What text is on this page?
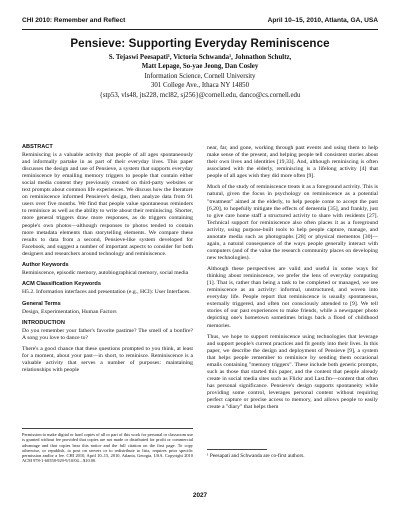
CHI 2010: Remember and Reflect	April 10–15, 2010, Atlanta, GA, USA
Pensieve: Supporting Everyday Reminiscence
S. Tejaswi Peesapati¹, Victoria Schwanda¹, Johnathon Schultz,
Matt Lepage, So-yae Jeong, Dan Cosley
Information Science, Cornell University
301 College Ave., Ithaca NY 14850
{stp53, vls48, jts228, mcl82, sj256}@cornell.edu, danco@cs.cornell.edu
ABSTRACT

Reminiscing is a valuable activity that people of all ages spontaneously and informally partake in as part of their everyday lives. This paper discusses the design and use of Pensieve, a system that supports everyday reminiscence by emailing memory triggers to people that contain either social media content they previously created on third-party websites or text prompts about common life experiences. We discuss how the literature on reminiscence informed Pensieve's design, then analyze data from 91 users over five months. We find that people value spontaneous reminders to reminisce as well as the ability to write about their reminiscing. Shorter, more general triggers draw more responses, as do triggers containing people's own photos—although responses to photos tended to contain more metadata elements than storytelling elements. We compare these results to data from a second, Pensieve-like system developed for Facebook, and suggest a number of important aspects to consider for both designers and researchers around technology and reminiscence.

Author Keywords

Reminiscence, episodic memory, autobiographical memory, social media

ACM Classification Keywords

H5.2. Information interfaces and presentation (e.g., HCI): User Interfaces.

General Terms

Design, Experimentation, Human Factors

INTRODUCTION

Do you remember your father's favorite pastime? The smell of a bonfire? A song you love to dance to?

There's a good chance that these questions prompted to you think, at least for a moment, about your past—in short, to reminisce. Reminiscence is a valuable activity that serves a number of purposes: maintaining relationships with people

Permission to make digital or hard copies of all or part of this work for personal or classroom use is granted without fee provided that copies are not made or distributed for profit or commercial advantage and that copies bear this notice and the full citation on the first page. To copy otherwise, or republish, to post on servers or to redistribute to lists, requires prior specific permission and/or a fee. CHI 2010, April 10–15, 2010, Atlanta, Georgia, USA. Copyright 2010 ACM 978-1-60558-929-9/10/04....$10.00.

near, far, and gone, working through past events and using them to help make sense of the present, and helping people tell consistent stories about their own lives and identities [19,33]. And, although reminiscing is often associated with the elderly, reminiscing is a lifelong activity [4] that people of all ages wish they did more often [9].

Much of the study of reminiscence treats it as a foreground activity. This is natural, given the focus in psychology on reminiscence as a potential "treatment" aimed at the elderly, to help people come to accept the past [6,20], to hopefully mitigate the effects of dementia [35], and frankly, just to give care home staff a structured activity to share with residents [27]. Technical support for reminiscence also often places it as a foreground activity, using purpose-built tools to help people capture, manage, and annotate media such as photographs [28] or physical mementos [30]—again, a natural consequence of the ways people generally interact with computers (and of the value the research community places on developing new technologies).

Although these perspectives are valid and useful in some ways for thinking about reminiscence, we prefer the lens of everyday computing [1]. That is, rather than being a task to be completed or managed, we see reminiscence as an activity: informal, unstructured, and woven into everyday life. People report that reminiscence is usually spontaneous, externally triggered, and often not consciously attended to [9]. We tell stories of our past experiences to make friends, while a newspaper photo depicting one's hometown sometimes brings back a flood of childhood memories.

Thus, we hope to support reminiscence using technologies that leverage and support people's current practices and fit gently into their lives. In this paper, we describe the design and deployment of Pensieve [9], a system that helps people remember to reminisce by sending them occasional emails containing "memory triggers". These include both generic prompts, such as those that started this paper, and the content that people already create in social media sites such as Flickr and Last.fm—content that often has personal significance. Pensieve's design supports spontaneity while providing some control, leverages personal content without requiring perfect capture or precise access to memory, and allows people to easily create a "diary" that helps them

¹ Peesapati and Schwanda are co-first authors.
2027
